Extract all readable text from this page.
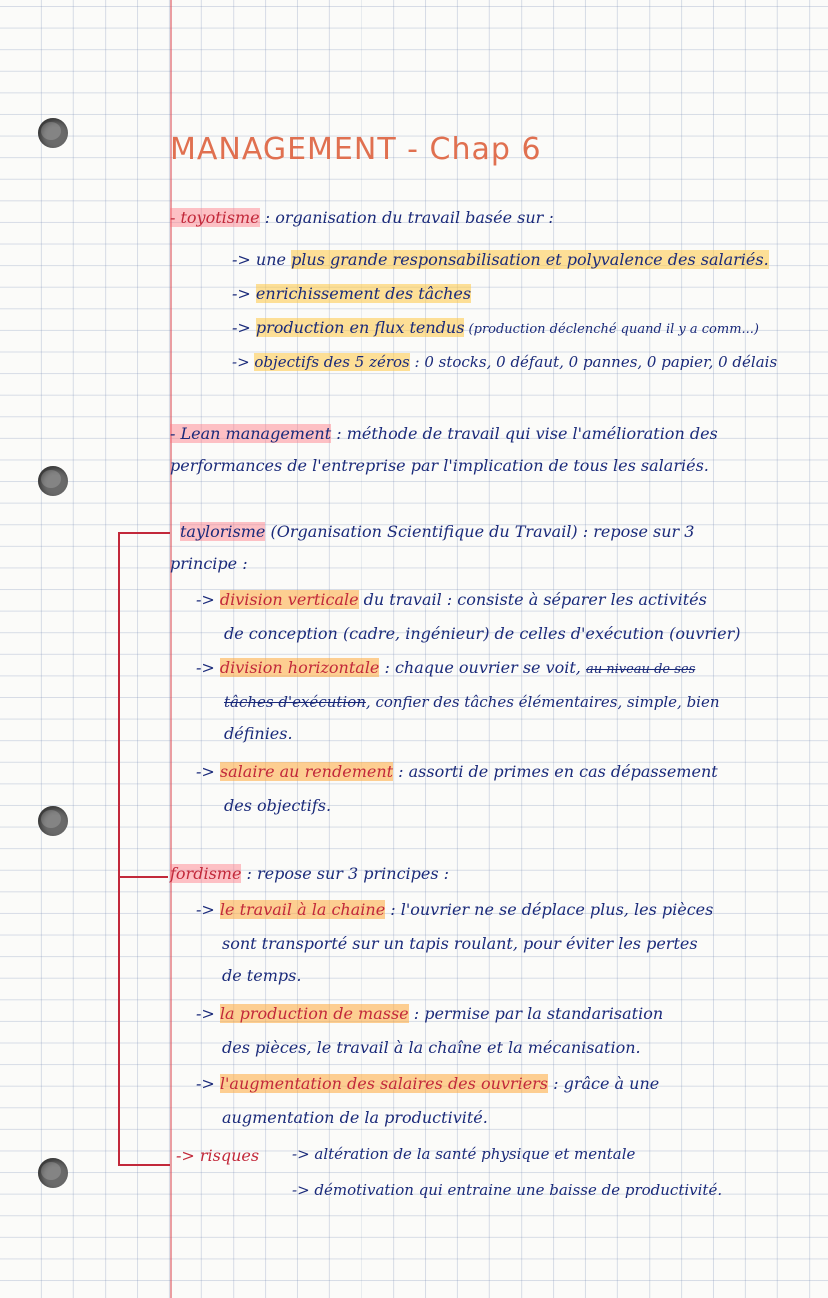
MANAGEMENT - Chap 6
- toyotisme : organisation du travail basée sur :
-> une plus grande responsabilisation et polyvalence des salariés.
-> enrichissement des tâches
-> production en flux tendus (production déclenché quand il y a comm...)
-> objectifs des 5 zéros : 0 stocks, 0 défaut, 0 pannes, 0 papier, 0 délais
- Lean management : méthode de travail qui vise l'amélioration des
performances de l'entreprise par l'implication de tous les salariés.
taylorisme (Organisation Scientifique du Travail) : repose sur 3
principe :
-> division verticale du travail : consiste à séparer les activités
de conception (cadre, ingénieur) de celles d'exécution (ouvrier)
-> division horizontale : chaque ouvrier se voit, au niveau de ses
tâches d'exécution, confier des tâches élémentaires, simple, bien
définies.
-> salaire au rendement : assorti de primes en cas dépassement
des objectifs.
fordisme : repose sur 3 principes :
-> le travail à la chaine : l'ouvrier ne se déplace plus, les pièces
sont transporté sur un tapis roulant, pour éviter les pertes
de temps.
-> la production de masse : permise par la standarisation
des pièces, le travail à la chaîne et la mécanisation.
-> l'augmentation des salaires des ouvriers : grâce à une
augmentation de la productivité.
-> risques -> altération de la santé physique et mentale
-> démotivation qui entraine une baisse de productivité.
